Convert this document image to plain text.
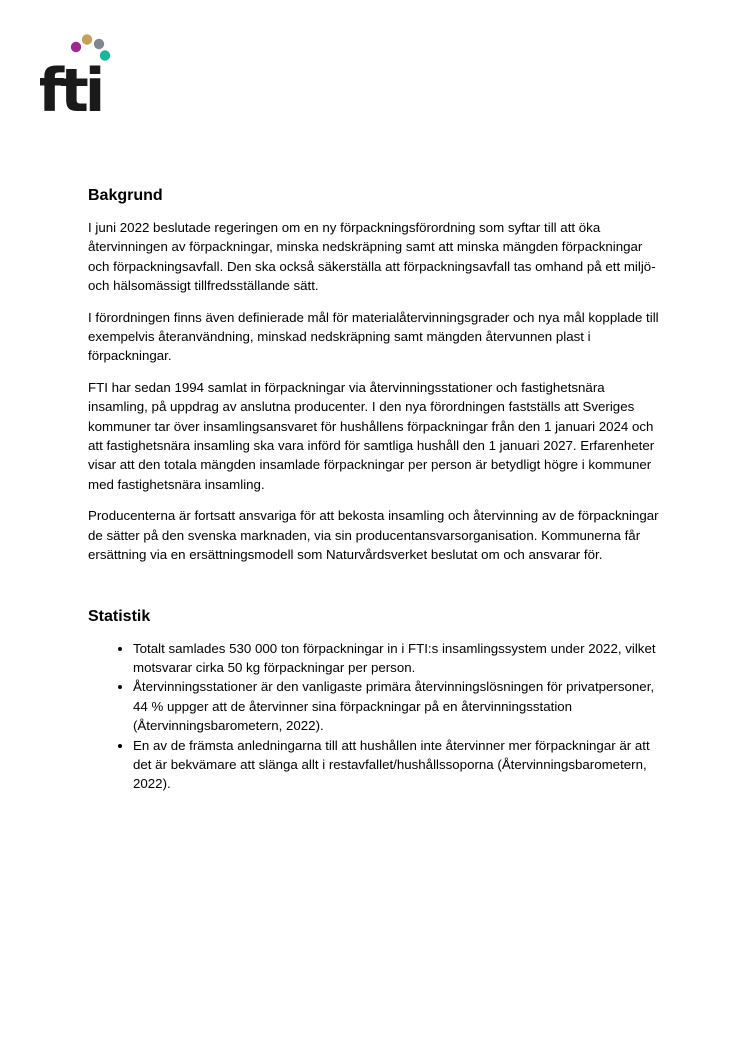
fti
Bakgrund

I juni 2022 beslutade regeringen om en ny förpackningsförordning som syftar till att öka återvinningen av förpackningar, minska nedskräpning samt att minska mängden förpackningar och förpackningsavfall. Den ska också säkerställa att förpackningsavfall tas omhand på ett miljö- och hälsomässigt tillfredsställande sätt.

I förordningen finns även definierade mål för materialåtervinningsgrader och nya mål kopplade till exempelvis återanvändning, minskad nedskräpning samt mängden återvunnen plast i förpackningar.

FTI har sedan 1994 samlat in förpackningar via återvinningsstationer och fastighetsnära insamling, på uppdrag av anslutna producenter. I den nya förordningen fastställs att Sveriges kommuner tar över insamlingsansvaret för hushållens förpackningar från den 1 januari 2024 och att fastighetsnära insamling ska vara införd för samtliga hushåll den 1 januari 2027. Erfarenheter visar att den totala mängden insamlade förpackningar per person är betydligt högre i kommuner med fastighetsnära insamling.

Producenterna är fortsatt ansvariga för att bekosta insamling och återvinning av de förpackningar de sätter på den svenska marknaden, via sin producentansvarsorganisation. Kommunerna får ersättning via en ersättningsmodell som Naturvårdsverket beslutat om och ansvarar för.

Statistik
• Totalt samlades 530 000 ton förpackningar in i FTI:s insamlingssystem under 2022, vilket motsvarar cirka 50 kg förpackningar per person.
• Återvinningsstationer är den vanligaste primära återvinningslösningen för privatpersoner, 44 % uppger att de återvinner sina förpackningar på en återvinningsstation (Återvinningsbarometern, 2022).
• En av de främsta anledningarna till att hushållen inte återvinner mer förpackningar är att det är bekvämare att slänga allt i restavfallet/hushållssoporna (Återvinningsbarometern, 2022).
